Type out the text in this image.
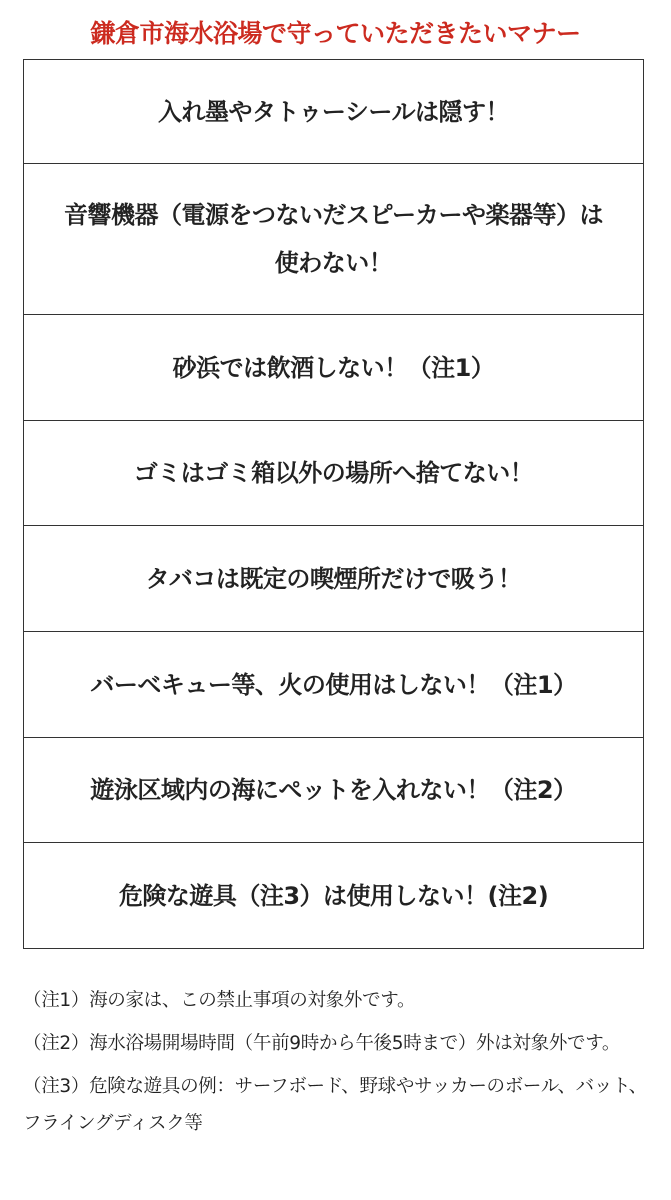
鎌倉市海水浴場で守っていただきたいマナー
入れ墨やタトゥーシールは隠す！
音響機器（電源をつないだスピーカーや楽器等）は使わない！
砂浜では飲酒しない！（注1）
ゴミはゴミ箱以外の場所へ捨てない！
タバコは既定の喫煙所だけで吸う！
バーベキュー等、火の使用はしない！（注1）
遊泳区域内の海にペットを入れない！（注2）
危険な遊具（注3）は使用しない！(注2)

（注1）海の家は、この禁止事項の対象外です。

（注2）海水浴場開場時間（午前9時から午後5時まで）外は対象外です。

（注3）危険な遊具の例：サーフボード、野球やサッカーのボール、バット、フライングディスク等
